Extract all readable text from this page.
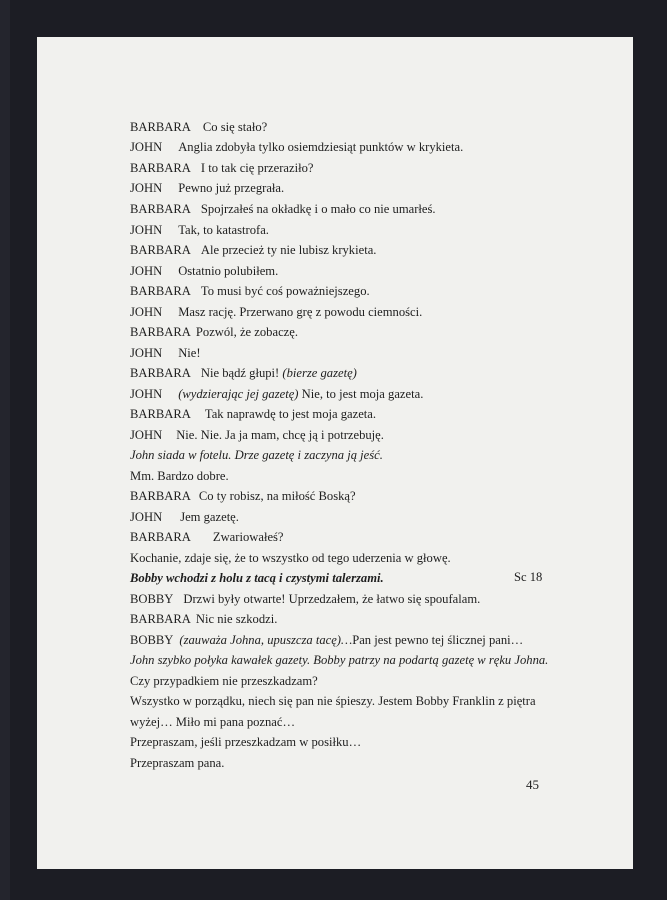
BARBARA Co się stało?
JOHN Anglia zdobyła tylko osiemdziesiąt punktów w krykieta.
BARBARA I to tak cię przeraziło?
JOHN Pewno już przegrała.
BARBARA Spojrzałeś na okładkę i o mało co nie umarłeś.
JOHN Tak, to katastrofa.
BARBARA Ale przecież ty nie lubisz krykieta.
JOHN Ostatnio polubiłem.
BARBARA To musi być coś poważniejszego.
JOHN Masz rację. Przerwano grę z powodu ciemności.
BARBARA Pozwól, że zobaczę.
JOHN Nie!
BARBARA Nie bądź głupi! (bierze gazetę)
JOHN (wydzierając jej gazetę) Nie, to jest moja gazeta.
BARBARA Tak naprawdę to jest moja gazeta.
JOHN Nie. Nie. Ja ja mam, chcę ją i potrzebuję.
John siada w fotelu. Drze gazetę i zaczyna ją jeść.
Mm. Bardzo dobre.
BARBARA Co ty robisz, na miłość Boską?
JOHN Jem gazetę.
BARBARA Zwariowałeś?
Kochanie, zdaje się, że to wszystko od tego uderzenia w głowę.
Bobby wchodzi z holu z tacą i czystymi talerzami.	Sc 18
BOBBY Drzwi były otwarte! Uprzedzałem, że łatwo się spoufalam.
BARBARA Nic nie szkodzi.
BOBBY (zauważa Johna, upuszcza tacę)…Pan jest pewno tej ślicznej pani…
John szybko połyka kawałek gazety. Bobby patrzy na podartą gazetę w ręku Johna.
Czy przypadkiem nie przeszkadzam?
Wszystko w porządku, niech się pan nie śpieszy. Jestem Bobby Franklin z piętra
wyżej… Miło mi pana poznać…
Przepraszam, jeśli przeszkadzam w posiłku…
Przepraszam pana.
45
